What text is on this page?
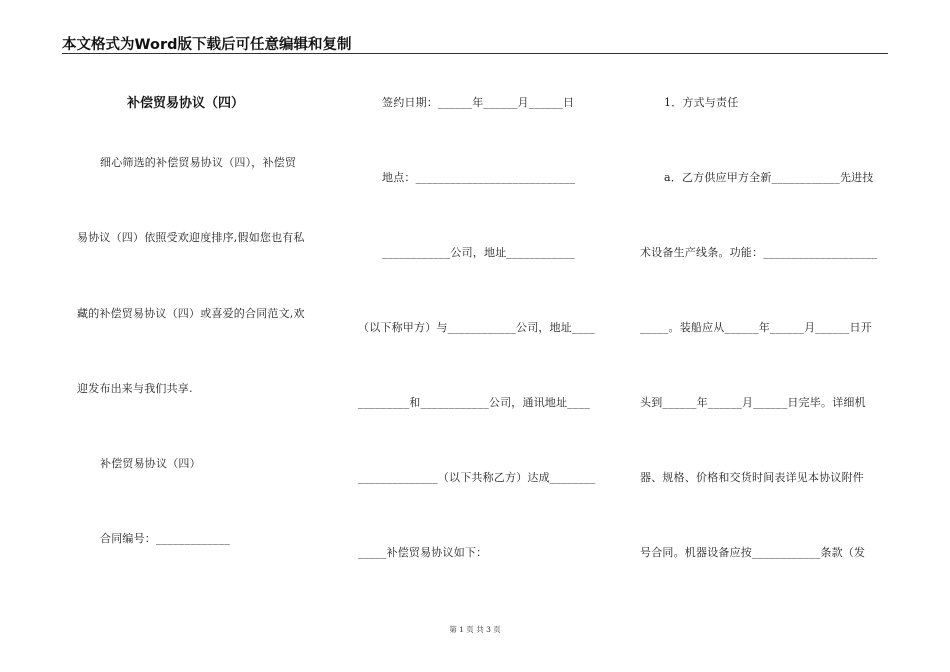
本文格式为Word版下载后可任意编辑和复制
补偿贸易协议（四）
细心筛选的补偿贸易协议（四），补偿贸
易协议（四）依照受欢迎度排序,假如您也有私
藏的补偿贸易协议（四）或喜爱的合同范文,欢
迎发布出来与我们共享.
补偿贸易协议（四）
合同编号：_____________
签约日期：______年______月______日
地点：____________________________
____________公司，地址____________
（以下称甲方）与____________公司，地址____
_________和____________公司，通讯地址____
______________（以下共称乙方）达成________
_____补偿贸易协议如下：
1．方式与责任
a．乙方供应甲方全新____________先进技
术设备生产线条。功能：____________________
_____。装船应从______年______月______日开
头到______年______月______日完毕。详细机
器、规格、价格和交货时间表详见本协议附件
号合同。机器设备应按____________条款（发
第 1 页 共 3 页
